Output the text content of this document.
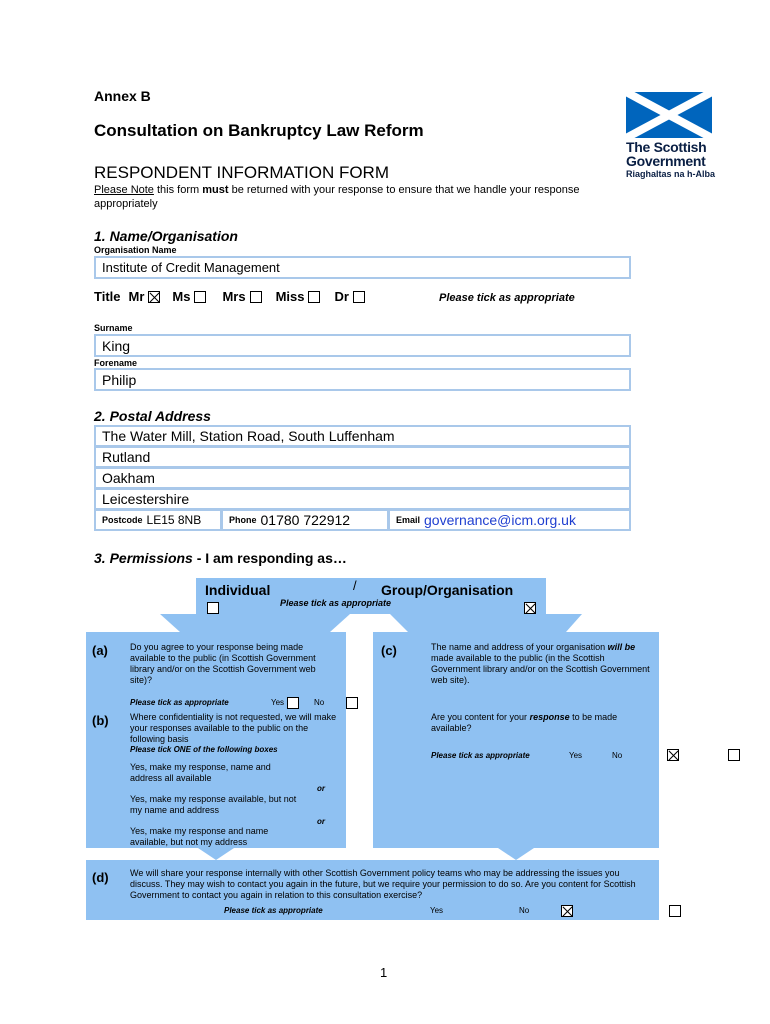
Annex B
Consultation on Bankruptcy Law Reform
RESPONDENT INFORMATION FORM
Please Note this form must be returned with your response to ensure that we handle your response appropriately
The Scottish
Government
Riaghaltas na h-Alba
1. Name/Organisation
Organisation Name
Institute of Credit Management
Title Mr Ms Mrs Miss Dr	Please tick as appropriate
Surname
King
Forename
Philip
2. Postal Address
The Water Mill, Station Road, South Luffenham
Rutland
Oakham
Leicestershire
Postcode LE15 8NB	Phone 01780 722912	Email governance@icm.org.uk
3. Permissions - I am responding as…
Individual	/ Group/Organisation
Please tick as appropriate

(a) Do you agree to your response being made available to the public (in Scottish Government library and/or on the Scottish Government web site)?
Please tick as appropriate
	Yes
	No
(b) Where confidentiality is not requested, we will make your responses available to the public on the following basis
Please tick ONE of the following boxes
Yes, make my response, name and address all available

or
Yes, make my response available, but not my name and address

or
Yes, make my response and name available, but not my address

(c)	The name and address of your organisation will be made available to the public (in the Scottish Government library and/or on the Scottish Government web site).
Are you content for your response to be made available?
Please tick as appropriate
	Yes
	No
(d) We will share your response internally with other Scottish Government policy teams who may be addressing the issues you discuss. They may wish to contact you again in the future, but we require your permission to do so. Are you content for Scottish Government to contact you again in relation to this consultation exercise?
Please tick as appropriate
	Yes	No
1
